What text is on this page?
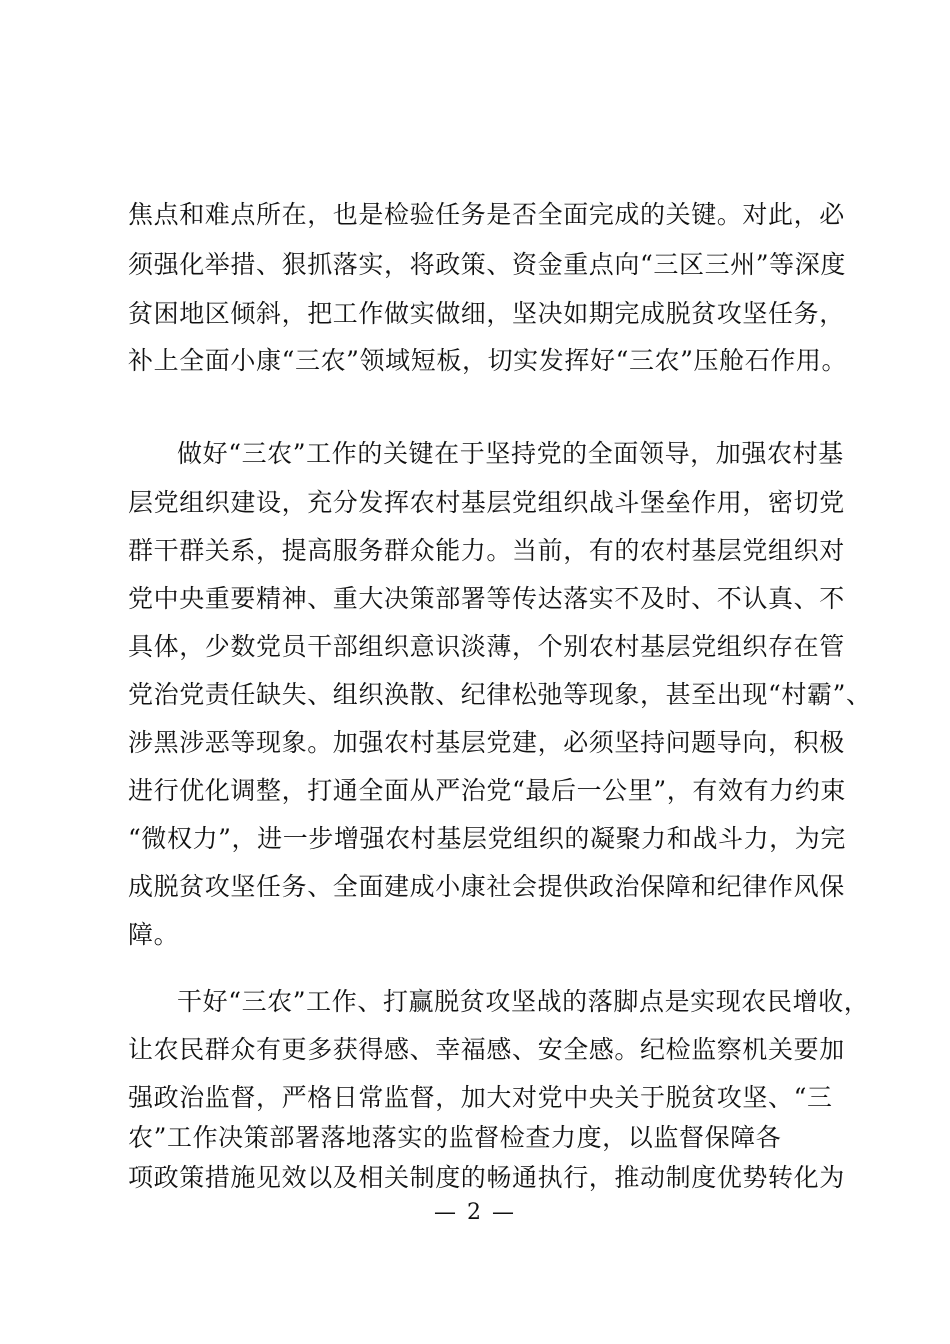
焦点和难点所在，也是检验任务是否全面完成的关键。对此，必
须强化举措、狠抓落实，将政策、资金重点向“三区三州”等深度
贫困地区倾斜，把工作做实做细，坚决如期完成脱贫攻坚任务，
补上全面小康“三农”领域短板，切实发挥好“三农”压舱石作用。
做好“三农”工作的关键在于坚持党的全面领导，加强农村基
层党组织建设，充分发挥农村基层党组织战斗堡垒作用，密切党
群干群关系，提高服务群众能力。当前，有的农村基层党组织对
党中央重要精神、重大决策部署等传达落实不及时、不认真、不
具体，少数党员干部组织意识淡薄，个别农村基层党组织存在管
党治党责任缺失、组织涣散、纪律松弛等现象，甚至出现“村霸”、
涉黑涉恶等现象。加强农村基层党建，必须坚持问题导向，积极
进行优化调整，打通全面从严治党“最后一公里”，有效有力约束
“微权力”，进一步增强农村基层党组织的凝聚力和战斗力，为完
成脱贫攻坚任务、全面建成小康社会提供政治保障和纪律作风保
障。
干好“三农”工作、打赢脱贫攻坚战的落脚点是实现农民增收，
让农民群众有更多获得感、幸福感、安全感。纪检监察机关要加
强政治监督，严格日常监督，加大对党中央关于脱贫攻坚、“三
农”工作决策部署落地落实的监督检查力度，以监督保障各
项政策措施见效以及相关制度的畅通执行，推动制度优势转化为
— 2 —
